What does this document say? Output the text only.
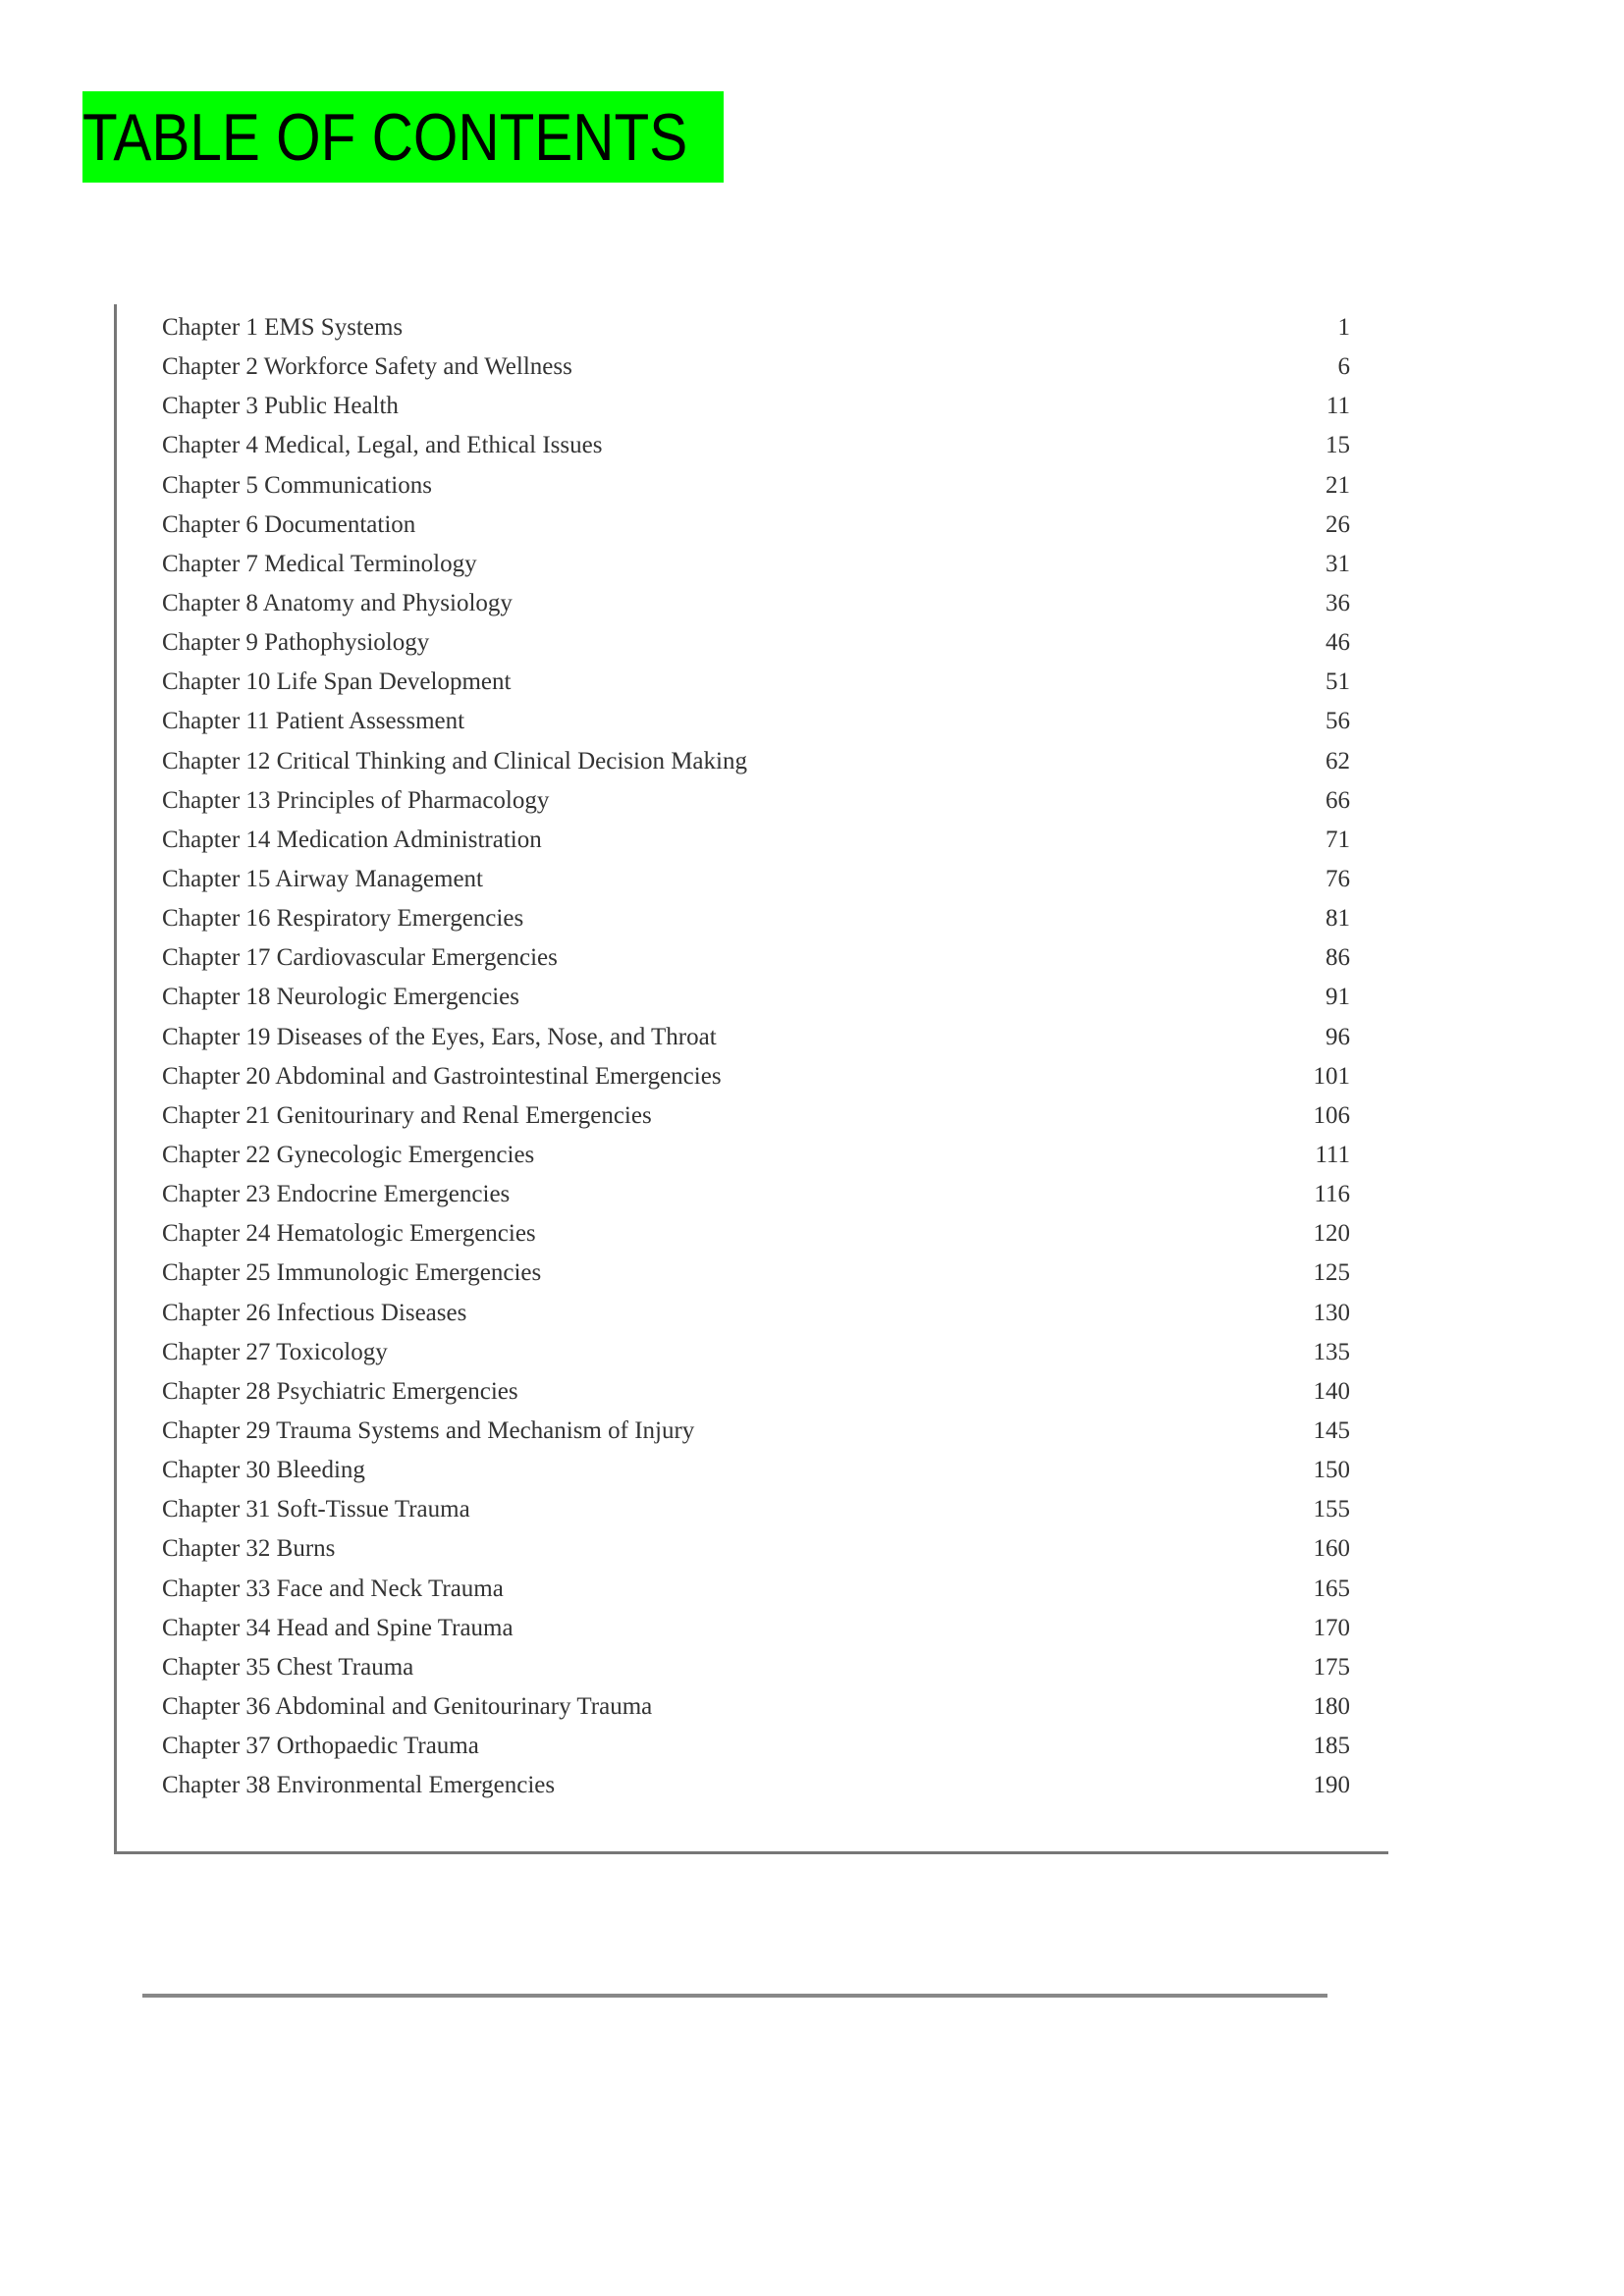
TABLE OF CONTENTS
Chapter 1 EMS Systems	1
Chapter 2 Workforce Safety and Wellness	6
Chapter 3 Public Health	11
Chapter 4 Medical, Legal, and Ethical Issues	15
Chapter 5 Communications	21
Chapter 6 Documentation	26
Chapter 7 Medical Terminology	31
Chapter 8 Anatomy and Physiology	36
Chapter 9 Pathophysiology	46
Chapter 10 Life Span Development	51
Chapter 11 Patient Assessment	56
Chapter 12 Critical Thinking and Clinical Decision Making	62
Chapter 13 Principles of Pharmacology	66
Chapter 14 Medication Administration	71
Chapter 15 Airway Management	76
Chapter 16 Respiratory Emergencies	81
Chapter 17 Cardiovascular Emergencies	86
Chapter 18 Neurologic Emergencies	91
Chapter 19 Diseases of the Eyes, Ears, Nose, and Throat	96
Chapter 20 Abdominal and Gastrointestinal Emergencies	101
Chapter 21 Genitourinary and Renal Emergencies	106
Chapter 22 Gynecologic Emergencies	111
Chapter 23 Endocrine Emergencies	116
Chapter 24 Hematologic Emergencies	120
Chapter 25 Immunologic Emergencies	125
Chapter 26 Infectious Diseases	130
Chapter 27 Toxicology	135
Chapter 28 Psychiatric Emergencies	140
Chapter 29 Trauma Systems and Mechanism of Injury	145
Chapter 30 Bleeding	150
Chapter 31 Soft-Tissue Trauma	155
Chapter 32 Burns	160
Chapter 33 Face and Neck Trauma	165
Chapter 34 Head and Spine Trauma	170
Chapter 35 Chest Trauma	175
Chapter 36 Abdominal and Genitourinary Trauma	180
Chapter 37 Orthopaedic Trauma	185
Chapter 38 Environmental Emergencies	190
